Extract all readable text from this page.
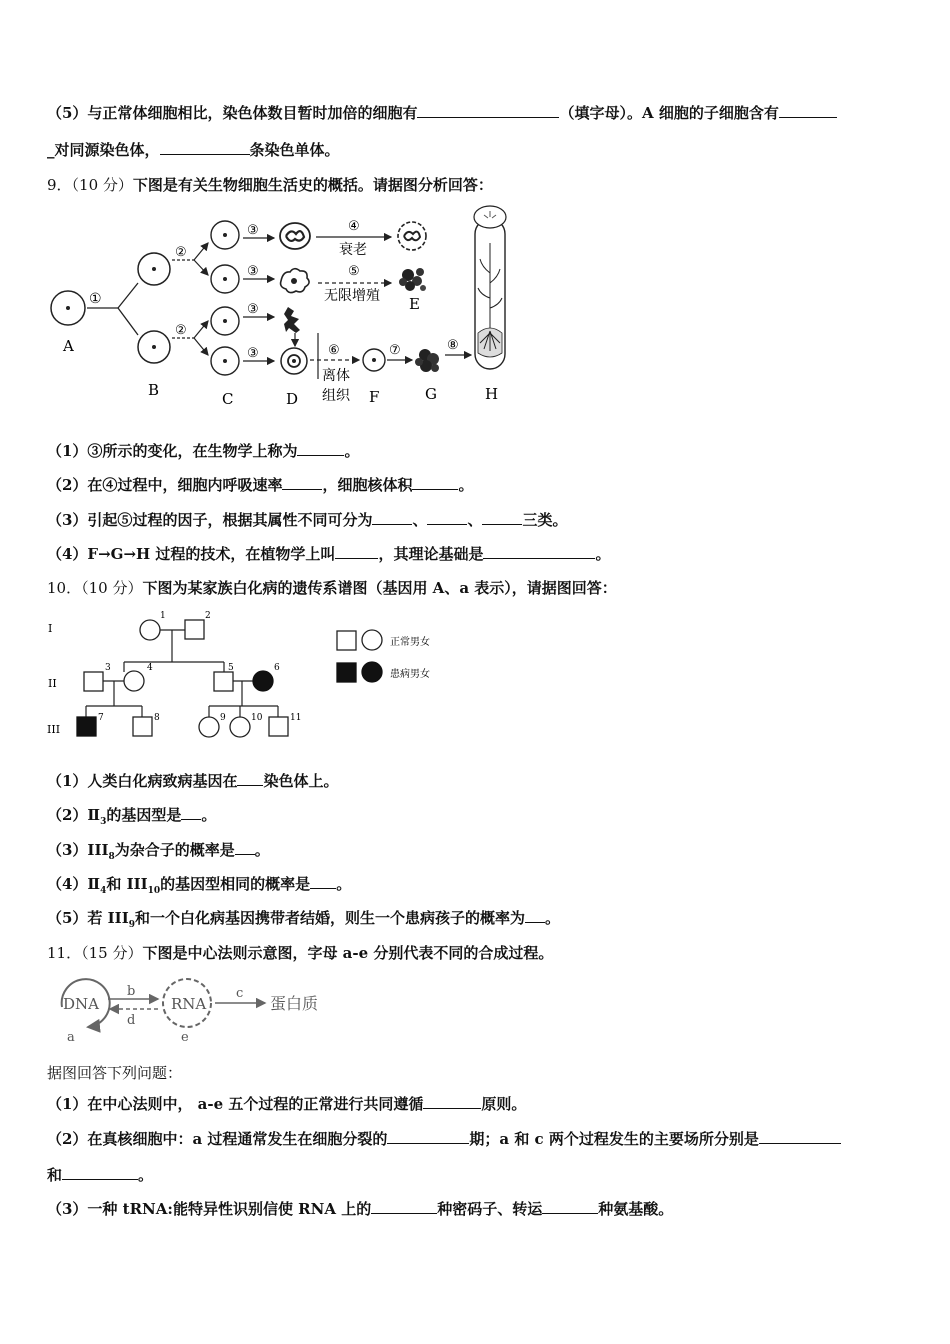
（5）与正常体细胞相比，染色体数目暂时加倍的细胞有	（填字母）。A 细胞的子细胞含有
_对同源染色体，	条染色单体。
9．（10 分）下图是有关生物细胞生活史的概括。请据图分析回答：
A
①
B
②
②
C
③
③
③
③
D
④
衰老
⑤
无限增殖 E
⑥
离体
组织 F
⑦
G
⑧
H
（1）③所示的变化，在生物学上称为	。
（2）在④过程中，细胞内呼吸速率	，细胞核体积	。
（3）引起⑤过程的因子，根据其属性不同可分为	、	、	三类。
（4）F→G→H 过程的技术，在植物学上叫	，其理论基础是	。
10．（10 分）下图为某家族白化病的遗传系谱图（基因用 A、a 表示），请据图回答：
I
II
III
1	2
3	4	5	6
7	8	9	10	11
正常男女
患病男女
（1）人类白化病致病基因在 染色体上。
$(2)Ⅱ_3$的基因型是 。
$(3)III_8$为杂合子的概率是 。
$(4)Ⅱ_4$和 $III_{10}$的基因型相同的概率是 。
（5）若 $III_9$和一个白化病基因携带者结婚，则生一个患病孩子的概率为 。
11．（15 分）下图是中心法则示意图，字母 a-e 分别代表不同的合成过程。
DNA
a
b
d
RNA
e
c
蛋白质
据图回答下列问题：
（1）在中心法则中， a-e 五个过程的正常进行共同遵循	原则。
（2）在真核细胞中：a 过程通常发生在细胞分裂的	期；a 和 c 两个过程发生的主要场所分别是
和	。
（3）一种 tRNA:能特异性识别信使 RNA 上的	种密码子、转运	种氨基酸。
